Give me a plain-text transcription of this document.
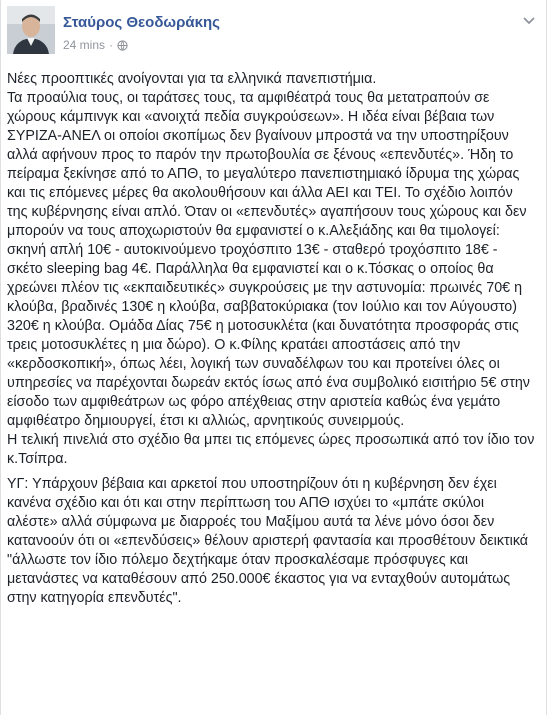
Σταύρος Θεοδωράκης
24 mins ·

Νέες προοπτικές ανοίγονται για τα ελληνικά πανεπιστήμια.
Τα προαύλια τους, οι ταράτσες τους, τα αμφιθέατρά τους θα μετατραπούν σε χώρους κάμπινγκ και «ανοιχτά πεδία συγκρούσεων». Η ιδέα είναι βέβαια των ΣΥΡΙΖΑ-ΑΝΕΛ οι οποίοι σκοπίμως δεν βγαίνουν μπροστά να την υποστηρίξουν αλλά αφήνουν προς το παρόν την πρωτοβουλία σε ξένους «επενδυτές». Ήδη το πείραμα ξεκίνησε από το ΑΠΘ, το μεγαλύτερο πανεπιστημιακό ίδρυμα της χώρας και τις επόμενες μέρες θα ακολουθήσουν και άλλα ΑΕΙ και ΤΕΙ. Το σχέδιο λοιπόν της κυβέρνησης είναι απλό. Όταν οι «επενδυτές» αγαπήσουν τους χώρους και δεν μπορούν να τους αποχωριστούν θα εμφανιστεί ο κ.Αλεξιάδης και θα τιμολογεί: σκηνή απλή 10€ - αυτοκινούμενο τροχόσπιτο 13€ - σταθερό τροχόσπιτο 18€ - σκέτο sleeping bag 4€. Παράλληλα θα εμφανιστεί και ο κ.Τόσκας ο οποίος θα χρεώνει πλέον τις «εκπαιδευτικές» συγκρούσεις με την αστυνομία: πρωινές 70€ η κλούβα, βραδινές 130€ η κλούβα, σαββατοκύριακα (τον Ιούλιο και τον Αύγουστο) 320€ η κλούβα. Ομάδα Δίας 75€ η μοτοσυκλέτα (και δυνατότητα προσφοράς στις τρεις μοτοσυκλέτες η μια δώρο). Ο κ.Φίλης κρατάει αποστάσεις από την «κερδοσκοπική», όπως λέει, λογική των συναδέλφων του και προτείνει όλες οι υπηρεσίες να παρέχονται δωρεάν εκτός ίσως από ένα συμβολικό εισιτήριο 5€ στην είσοδο των αμφιθεάτρων ως φόρο απέχθειας στην αριστεία καθώς ένα γεμάτο αμφιθέατρο δημιουργεί, έτσι κι αλλιώς, αρνητικούς συνειρμούς.
Η τελική πινελιά στο σχέδιο θα μπει τις επόμενες ώρες προσωπικά από τον ίδιο τον κ.Τσίπρα.

ΥΓ: Υπάρχουν βέβαια και αρκετοί που υποστηρίζουν ότι η κυβέρνηση δεν έχει κανένα σχέδιο και ότι και στην περίπτωση του ΑΠΘ ισχύει το «μπάτε σκύλοι αλέστε» αλλά σύμφωνα με διαρροές του Μαξίμου αυτά τα λένε μόνο όσοι δεν κατανοούν ότι οι «επενδύσεις» θέλουν αριστερή φαντασία και προσθέτουν δεικτικά "άλλωστε τον ίδιο πόλεμο δεχτήκαμε όταν προσκαλέσαμε πρόσφυγες και μετανάστες να καταθέσουν από 250.000€ έκαστος για να ενταχθούν αυτομάτως στην κατηγορία επενδυτές".
